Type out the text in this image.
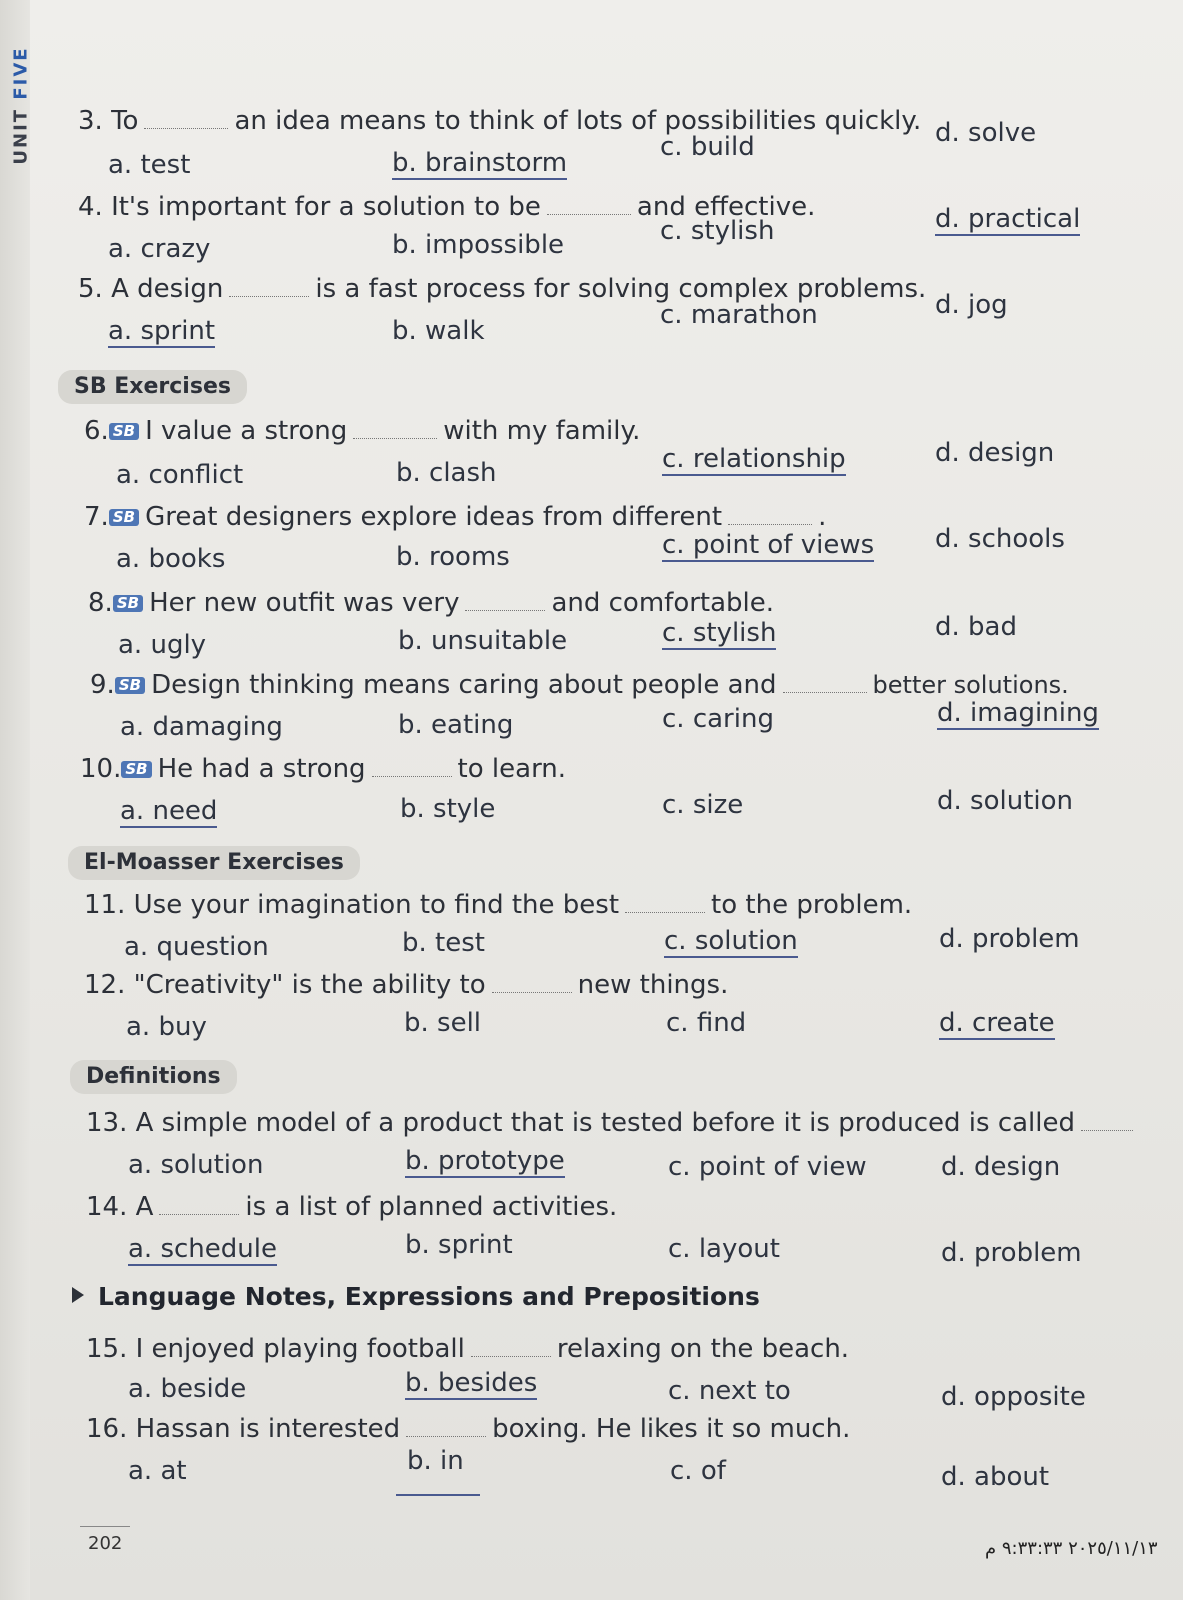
UNIT FIVE
3. To	an idea means to think of lots of possibilities quickly.
a. test	b. brainstorm
c. build	d. solve
4. It's important for a solution to be	and effective.
a. crazy	b. impossible	c. stylish	d. practical
5. A design	is a fast process for solving complex problems.
a. sprint	b. walk
c. marathon	d. jog
SB Exercises
6. SB I value a strong	with my family.
a. conflict	b. clash	c. relationship	d. design
7. SB Great designers explore ideas from different	.
a. books	b. rooms	c. point of views d. schools
8. SB Her new outfit was very	and comfortable.
a. ugly	b. unsuitable	c. stylish	d. bad
9. SB Design thinking means caring about people and	better solutions.
a. damaging	b. eating	c. caring	d. imagining
10. SB He had a strong	to learn.
a. need	b. style	c. size	d. solution
El-Moasser Exercises
11. Use your imagination to find the best	to the problem.
a. question	b. test	c. solution	d. problem
12. "Creativity" is the ability to	new things.
a. buy	b. sell	c. find	d. create
Definitions
13. A simple model of a product that is tested before it is produced is called
a. solution	b. prototype	c. point of view	d. design
14. A	is a list of planned activities.
a. schedule	b. sprint	c. layout	d. problem
Language Notes, Expressions and Prepositions
15. I enjoyed playing football	relaxing on the beach.
a. beside	b. besides	c. next to	d. opposite
16. Hassan is interested	boxing. He likes it so much.
a. at	b. in	c. of	d. about
202	٢٠٢٥/١١/١٣ ٩:٣٣:٣٣ م
